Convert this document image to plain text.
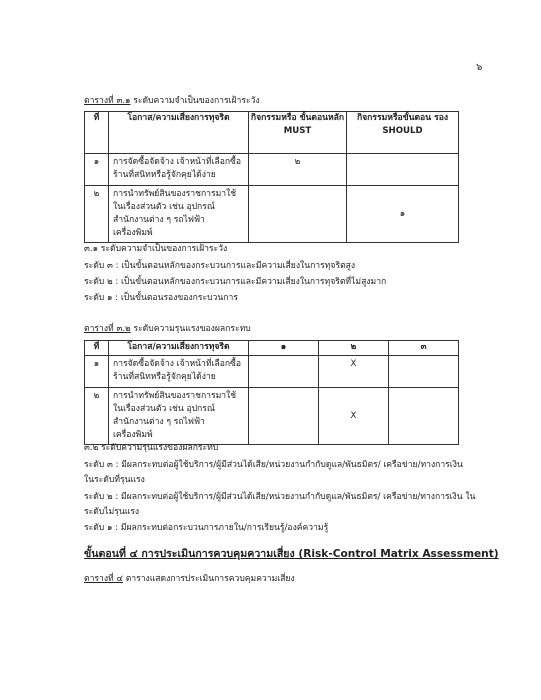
๖
ตารางที่ ๓.๑ ระดับความจำเป็นของการเฝ้าระวัง
ที่	โอกาส/ความเสี่ยงการทุจริต	กิจกรรมหรือ ขั้นตอนหลัก MUST	กิจกรรมหรือขั้นตอน รอง SHOULD
๑	การจัดซื้อจัดจ้าง เจ้าหน้าที่เลือกซื้อร้านที่สนิทหรือรู้จักคุยได้ง่าย	๒	
๒	การนำทรัพย์สินของราชการมาใช้ในเรื่องส่วนตัว เช่น อุปกรณ์สำนักงานต่าง ๆ รถไฟฟ้า เครื่องพิมพ์		๑
๓.๑ ระดับความจำเป็นของการเฝ้าระวัง
ระดับ ๓ : เป็นขั้นตอนหลักของกระบวนการและมีความเสี่ยงในการทุจริตสูง
ระดับ ๒ : เป็นขั้นตอนหลักของกระบวนการและมีความเสี่ยงในการทุจริตที่ไม่สูงมาก
ระดับ ๑ : เป็นขั้นตอนรองของกระบวนการ
ตารางที่ ๓.๒ ระดับความรุนแรงของผลกระทบ
ที่	โอกาส/ความเสี่ยงการทุจริต	๑	๒	๓
๑	การจัดซื้อจัดจ้าง เจ้าหน้าที่เลือกซื้อร้านที่สนิทหรือรู้จักคุยได้ง่าย		X	
๒	การนำทรัพย์สินของราชการมาใช้ในเรื่องส่วนตัว เช่น อุปกรณ์สำนักงานต่าง ๆ รถไฟฟ้า เครื่องพิมพ์		X	
๓.๒ ระดับความรุนแรงของผลกระทบ
ระดับ ๓ : มีผลกระทบต่อผู้ใช้บริการ/ผู้มีส่วนได้เสีย/หน่วยงานกำกับดูแล/พันธมิตร/ เครือข่าย/ทางการเงิน
ในระดับที่รุนแรง
ระดับ ๒ : มีผลกระทบต่อผู้ใช้บริการ/ผู้มีส่วนได้เสีย/หน่วยงานกำกับดูแล/พันธมิตร/ เครือข่าย/ทางการเงิน ใน
ระดับไม่รุนแรง
ระดับ ๑ : มีผลกระทบต่อกระบวนการภายใน/การเรียนรู้/องค์ความรู้
ขั้นตอนที่ ๔ การประเมินการควบคุมความเสี่ยง (Risk-Control Matrix Assessment)
ตารางที่ ๔ ตารางแสดงการประเมินการควบคุมความเสี่ยง
